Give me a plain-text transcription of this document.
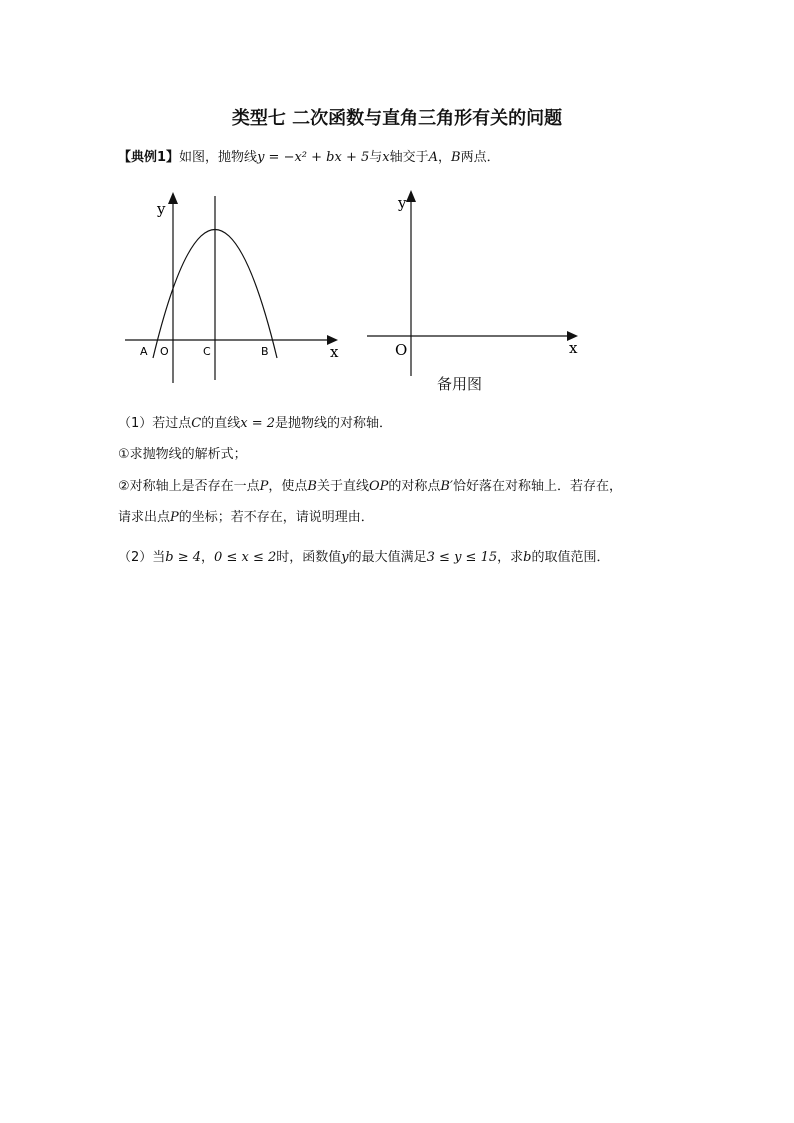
类型七 二次函数与直角三角形有关的问题
【典例1】如图，抛物线y = −x² + bx + 5与x轴交于A，B两点．
y
x
A O	C	B
y
x
O
备用图
（1）若过点C的直线x = 2是抛物线的对称轴．
①求抛物线的解析式；
②对称轴上是否存在一点P，使点B关于直线OP的对称点B′恰好落在对称轴上．若存在，
请求出点P的坐标；若不存在，请说明理由．
（2）当b ≥ 4，0 ≤ x ≤ 2时，函数值y的最大值满足3 ≤ y ≤ 15，求b的取值范围．
